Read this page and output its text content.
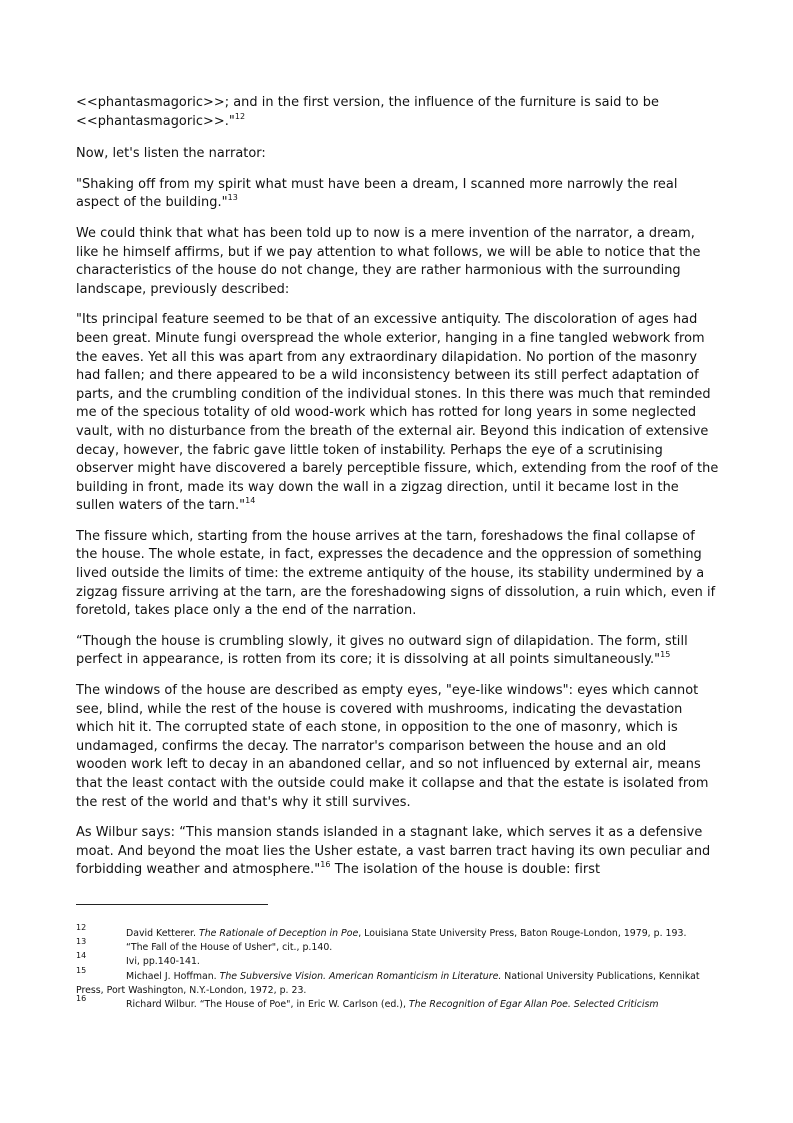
<<phantasmagoric>>; and in the first version, the influence of the furniture is said to be <<phantasmagoric>>."$^{12}$

Now, let's listen the narrator:

"Shaking off from my spirit what must have been a dream, I scanned more narrowly the real aspect of the building."$^{13}$

We could think that what has been told up to now is a mere invention of the narrator, a dream, like he himself affirms, but if we pay attention to what follows, we will be able to notice that the characteristics of the house do not change, they are rather harmonious with the surrounding landscape, previously described:

"Its principal feature seemed to be that of an excessive antiquity. The discoloration of ages had been great. Minute fungi overspread the whole exterior, hanging in a fine tangled webwork from the eaves. Yet all this was apart from any extraordinary dilapidation. No portion of the masonry had fallen; and there appeared to be a wild inconsistency between its still perfect adaptation of parts, and the crumbling condition of the individual stones. In this there was much that reminded me of the specious totality of old wood-work which has rotted for long years in some neglected vault, with no disturbance from the breath of the external air. Beyond this indication of extensive decay, however, the fabric gave little token of instability. Perhaps the eye of a scrutinising observer might have discovered a barely perceptible fissure, which, extending from the roof of the building in front, made its way down the wall in a zigzag direction, until it became lost in the sullen waters of the tarn."$^{14}$

The fissure which, starting from the house arrives at the tarn, foreshadows the final collapse of the house. The whole estate, in fact, expresses the decadence and the oppression of something lived outside the limits of time: the extreme antiquity of the house, its stability undermined by a zigzag fissure arriving at the tarn, are the foreshadowing signs of dissolution, a ruin which, even if foretold, takes place only a the end of the narration.

“Though the house is crumbling slowly, it gives no outward sign of dilapidation. The form, still perfect in appearance, is rotten from its core; it is dissolving at all points simultaneously."$^{15}$

The windows of the house are described as empty eyes, "eye-like windows": eyes which cannot see, blind, while the rest of the house is covered with mushrooms, indicating the devastation which hit it. The corrupted state of each stone, in opposition to the one of masonry, which is undamaged, confirms the decay. The narrator's comparison between the house and an old wooden work left to decay in an abandoned cellar, and so not influenced by external air, means that the least contact with the outside could make it collapse and that the estate is isolated from the rest of the world and that's why it still survives.

As Wilbur says: “This mansion stands islanded in a stagnant lake, which serves it as a defensive moat. And beyond the moat lies the Usher estate, a vast barren tract having its own peculiar and forbidding weather and atmosphere."$^{16}$ The isolation of the house is double: first

12
David Ketterer. The Rationale of Deception in Poe, Louisiana State University Press, Baton Rouge-London, 1979, p. 193.
13
“The Fall of the House of Usher", cit., p.140.
14
Ivi, pp.140-141.
15
Michael J. Hoffman. The Subversive Vision. American Romanticism in Literature. National University Publications, Kennikat Press, Port Washington, N.Y.-London, 1972, p. 23.
16
Richard Wilbur. “The House of Poe", in Eric W. Carlson (ed.), The Recognition of Egar Allan Poe. Selected Criticism
